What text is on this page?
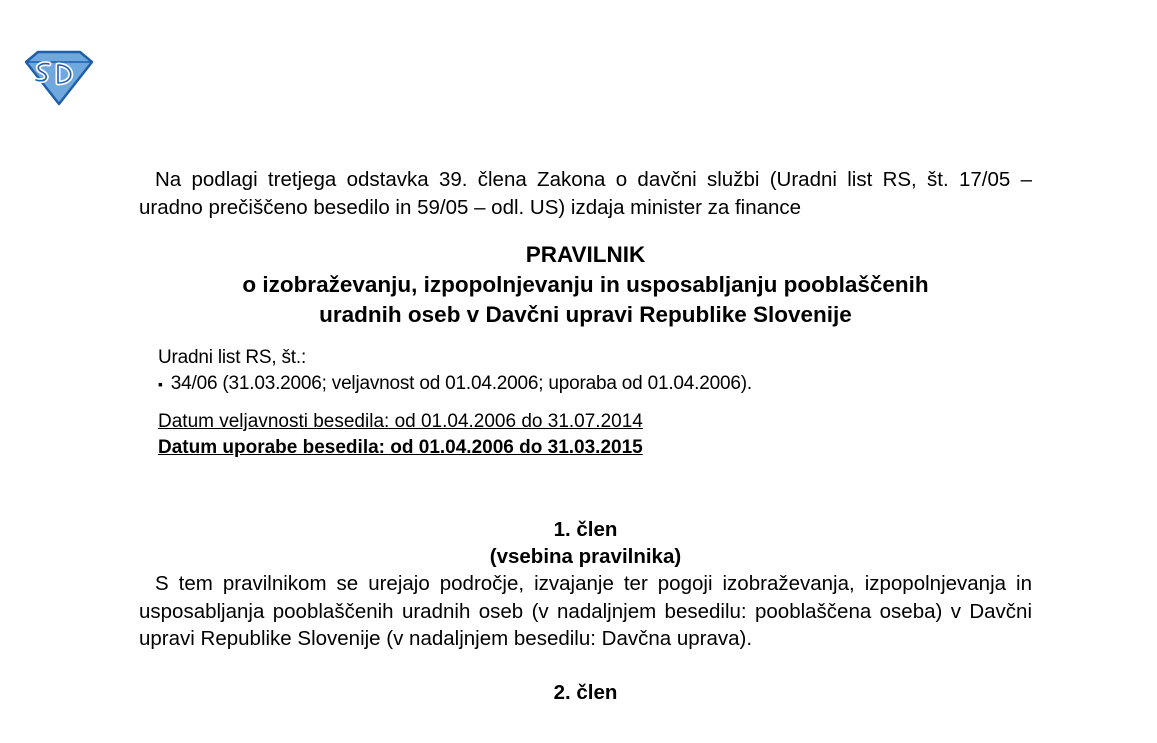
Na podlagi tretjega odstavka 39. člena Zakona o davčni službi (Uradni list RS, št. 17/05 – uradno prečiščeno besedilo in 59/05 – odl. US) izdaja minister za finance

PRAVILNIK
o izobraževanju, izpopolnjevanju in usposabljanju pooblaščenih
uradnih oseb v Davčni upravi Republike Slovenije
Uradni list RS, št.:
▪ 34/06 (31.03.2006; veljavnost od 01.04.2006; uporaba od 01.04.2006).
Datum veljavnosti besedila: od 01.04.2006 do 31.07.2014
Datum uporabe besedila: od 01.04.2006 do 31.03.2015
1. člen
(vsebina pravilnika)

S tem pravilnikom se urejajo področje, izvajanje ter pogoji izobraževanja, izpopolnjevanja in usposabljanja pooblaščenih uradnih oseb (v nadaljnjem besedilu: pooblaščena oseba) v Davčni upravi Republike Slovenije (v nadaljnjem besedilu: Davčna uprava).

2. člen
